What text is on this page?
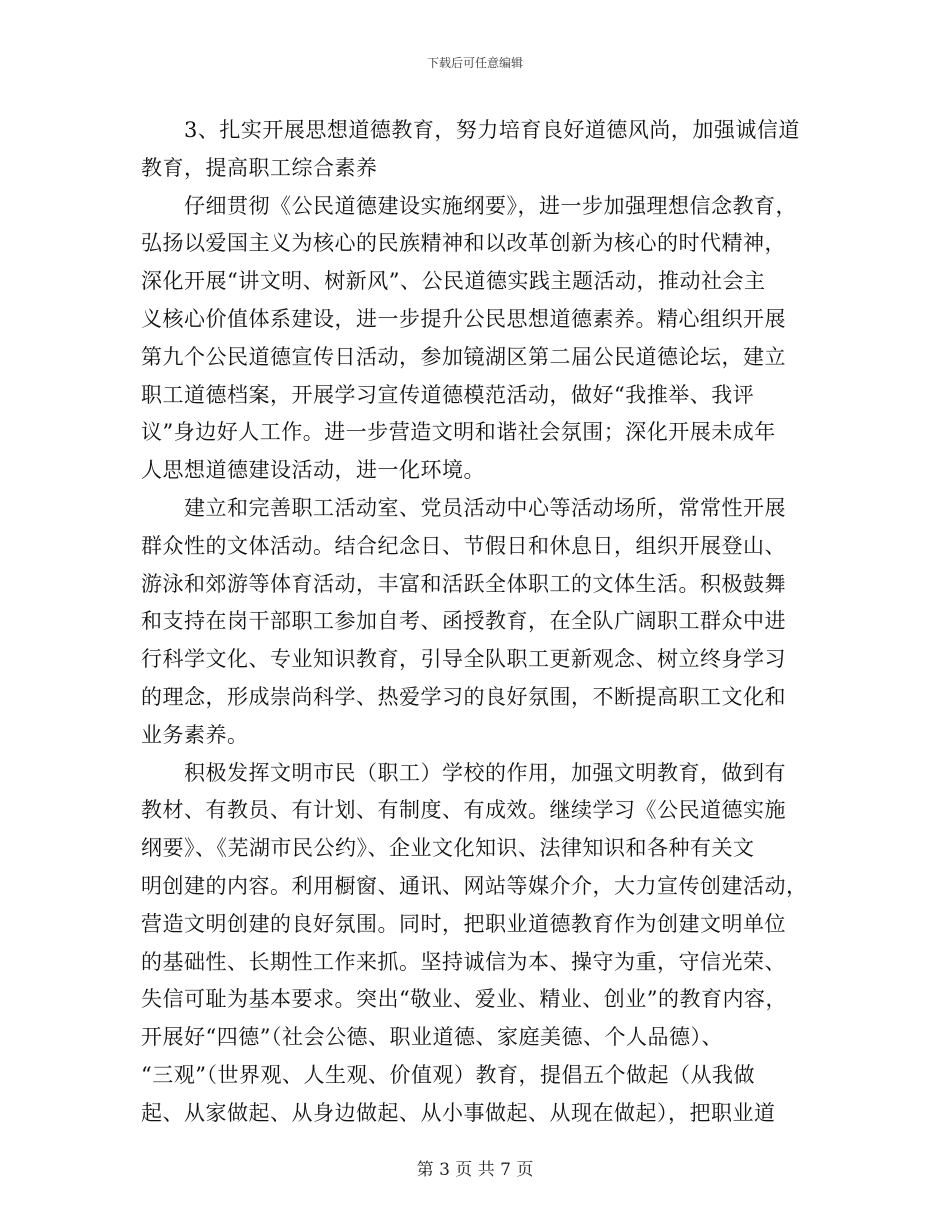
下载后可任意编辑
　　3、扎实开展思想道德教育，努力培育良好道德风尚，加强诚信道
教育，提高职工综合素养
　　仔细贯彻《公民道德建设实施纲要》，进一步加强理想信念教育，
弘扬以爱国主义为核心的民族精神和以改革创新为核心的时代精神，
深化开展“讲文明、树新风”、公民道德实践主题活动，推动社会主
义核心价值体系建设，进一步提升公民思想道德素养。精心组织开展
第九个公民道德宣传日活动，参加镜湖区第二届公民道德论坛，建立
职工道德档案，开展学习宣传道德模范活动，做好“我推举、我评
议”身边好人工作。进一步营造文明和谐社会氛围；深化开展未成年
人思想道德建设活动，进一化环境。
　　建立和完善职工活动室、党员活动中心等活动场所，常常性开展
群众性的文体活动。结合纪念日、节假日和休息日，组织开展登山、
游泳和郊游等体育活动，丰富和活跃全体职工的文体生活。积极鼓舞
和支持在岗干部职工参加自考、函授教育，在全队广阔职工群众中进
行科学文化、专业知识教育，引导全队职工更新观念、树立终身学习
的理念，形成崇尚科学、热爱学习的良好氛围，不断提高职工文化和
业务素养。
　　积极发挥文明市民（职工）学校的作用，加强文明教育，做到有
教材、有教员、有计划、有制度、有成效。继续学习《公民道德实施
纲要》、《芜湖市民公约》、企业文化知识、法律知识和各种有关文
明创建的内容。利用橱窗、通讯、网站等媒介介，大力宣传创建活动，
营造文明创建的良好氛围。同时，把职业道德教育作为创建文明单位
的基础性、长期性工作来抓。坚持诚信为本、操守为重，守信光荣、
失信可耻为基本要求。突出“敬业、爱业、精业、创业”的教育内容，
开展好“四德”（社会公德、职业道德、家庭美德、个人品德）、
“三观”（世界观、人生观、价值观）教育，提倡五个做起（从我做
起、从家做起、从身边做起、从小事做起、从现在做起），把职业道
第 3 页 共 7 页
